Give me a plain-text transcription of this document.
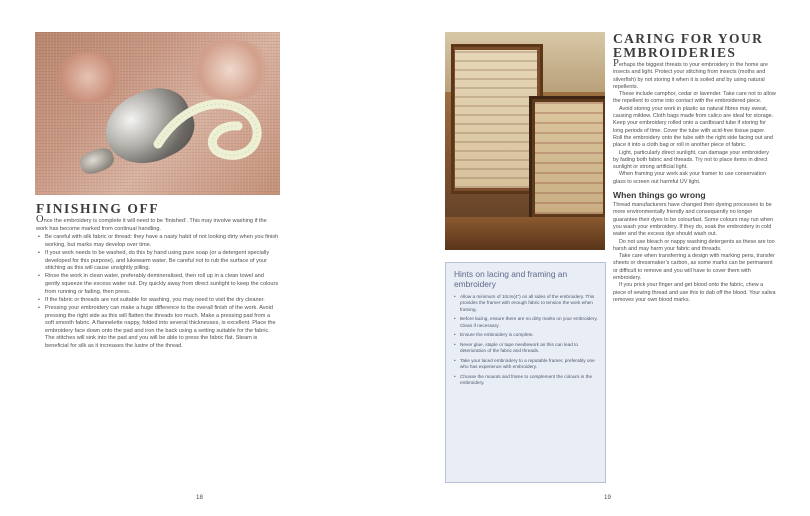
FINISHING OFF

Once the embroidery is complete it will need to be ‘finished’. This may involve washing if the work has become marked from continual handling.

• Be careful with silk fabric or thread: they have a nasty habit of not looking dirty when you finish working, but marks may develop over time.
• If your work needs to be washed, do this by hand using pure soap (or a detergent specially developed for this purpose), and lukewarm water. Be careful not to rub the surface of your stitching as this will cause unsightly pilling.
• Rinse the work in clean water, preferably demineralised, then roll up in a clean towel and gently squeeze the excess water out. Dry quickly away from direct sunlight to keep the colours from running or fading, then press.
• If the fabric or threads are not suitable for washing, you may need to visit the dry cleaner.
• Pressing your embroidery can make a huge difference to the overall finish of the work. Avoid pressing the right side as this will flatten the threads too much. Make a pressing pad from a soft smooth fabric. A flannelette nappy, folded into several thicknesses, is excellent. Place the embroidery face down onto the pad and iron the back using a setting suitable for the fabric. The stitches will sink into the pad and you will be able to press the fabric flat. Steam is beneficial for silk as it increases the lustre of the thread.
18
Hints on lacing and framing an embroidery
• Allow a minimum of 10cm(4”) on all sides of the embroidery. This provides the framer with enough fabric to tension the work when framing.
• Before lacing, ensure there are no dirty marks on your embroidery. Clean if necessary.
• Ensure the embroidery is complete.
• Never glue, staple or tape needlework as this can lead to deterioration of the fabric and threads.
• Take your laced embroidery to a reputable framer, preferably one who has experience with embroidery.
• Choose the mounts and frame to complement the colours in the embroidery.
CARING FOR YOUR EMBROIDERIES

Perhaps the biggest threats to your embroidery in the home are insects and light. Protect your stitching from insects (moths and silverfish) by not storing it when it is soiled and by using natural repellents.

These include camphor, cedar or lavender. Take care not to allow the repellent to come into contact with the embroidered piece.

Avoid storing your work in plastic as natural fibres may sweat, causing mildew. Cloth bags made from calico are ideal for storage. Keep your embroidery rolled onto a cardboard tube if storing for long periods of time. Cover the tube with acid-free tissue paper. Roll the embroidery onto the tube with the right side facing out and place it into a cloth bag or roll in another piece of fabric.

Light, particularly direct sunlight, can damage your embroidery by fading both fabric and threads. Try not to place items in direct sunlight or strong artificial light.

When framing your work ask your framer to use conservation glass to screen out harmful UV light.

When things go wrong

Thread manufacturers have changed their dyeing processes to be more environmentally friendly and consequently no longer guarantee their dyes to be colourfast. Some colours may run when you wash your embroidery. If they do, soak the embroidery in cold water and the excess dye should wash out.

Do not use bleach or nappy washing detergents as these are too harsh and may harm your fabric and threads.

Take care when transferring a design with marking pens, transfer sheets or dressmaker’s carbon, as some marks can be permanent or difficult to remove and you will have to cover them with embroidery.

If you prick your finger and get blood onto the fabric, chew a piece of sewing thread and use this to dab off the blood. Your saliva removes your own blood marks.

19
